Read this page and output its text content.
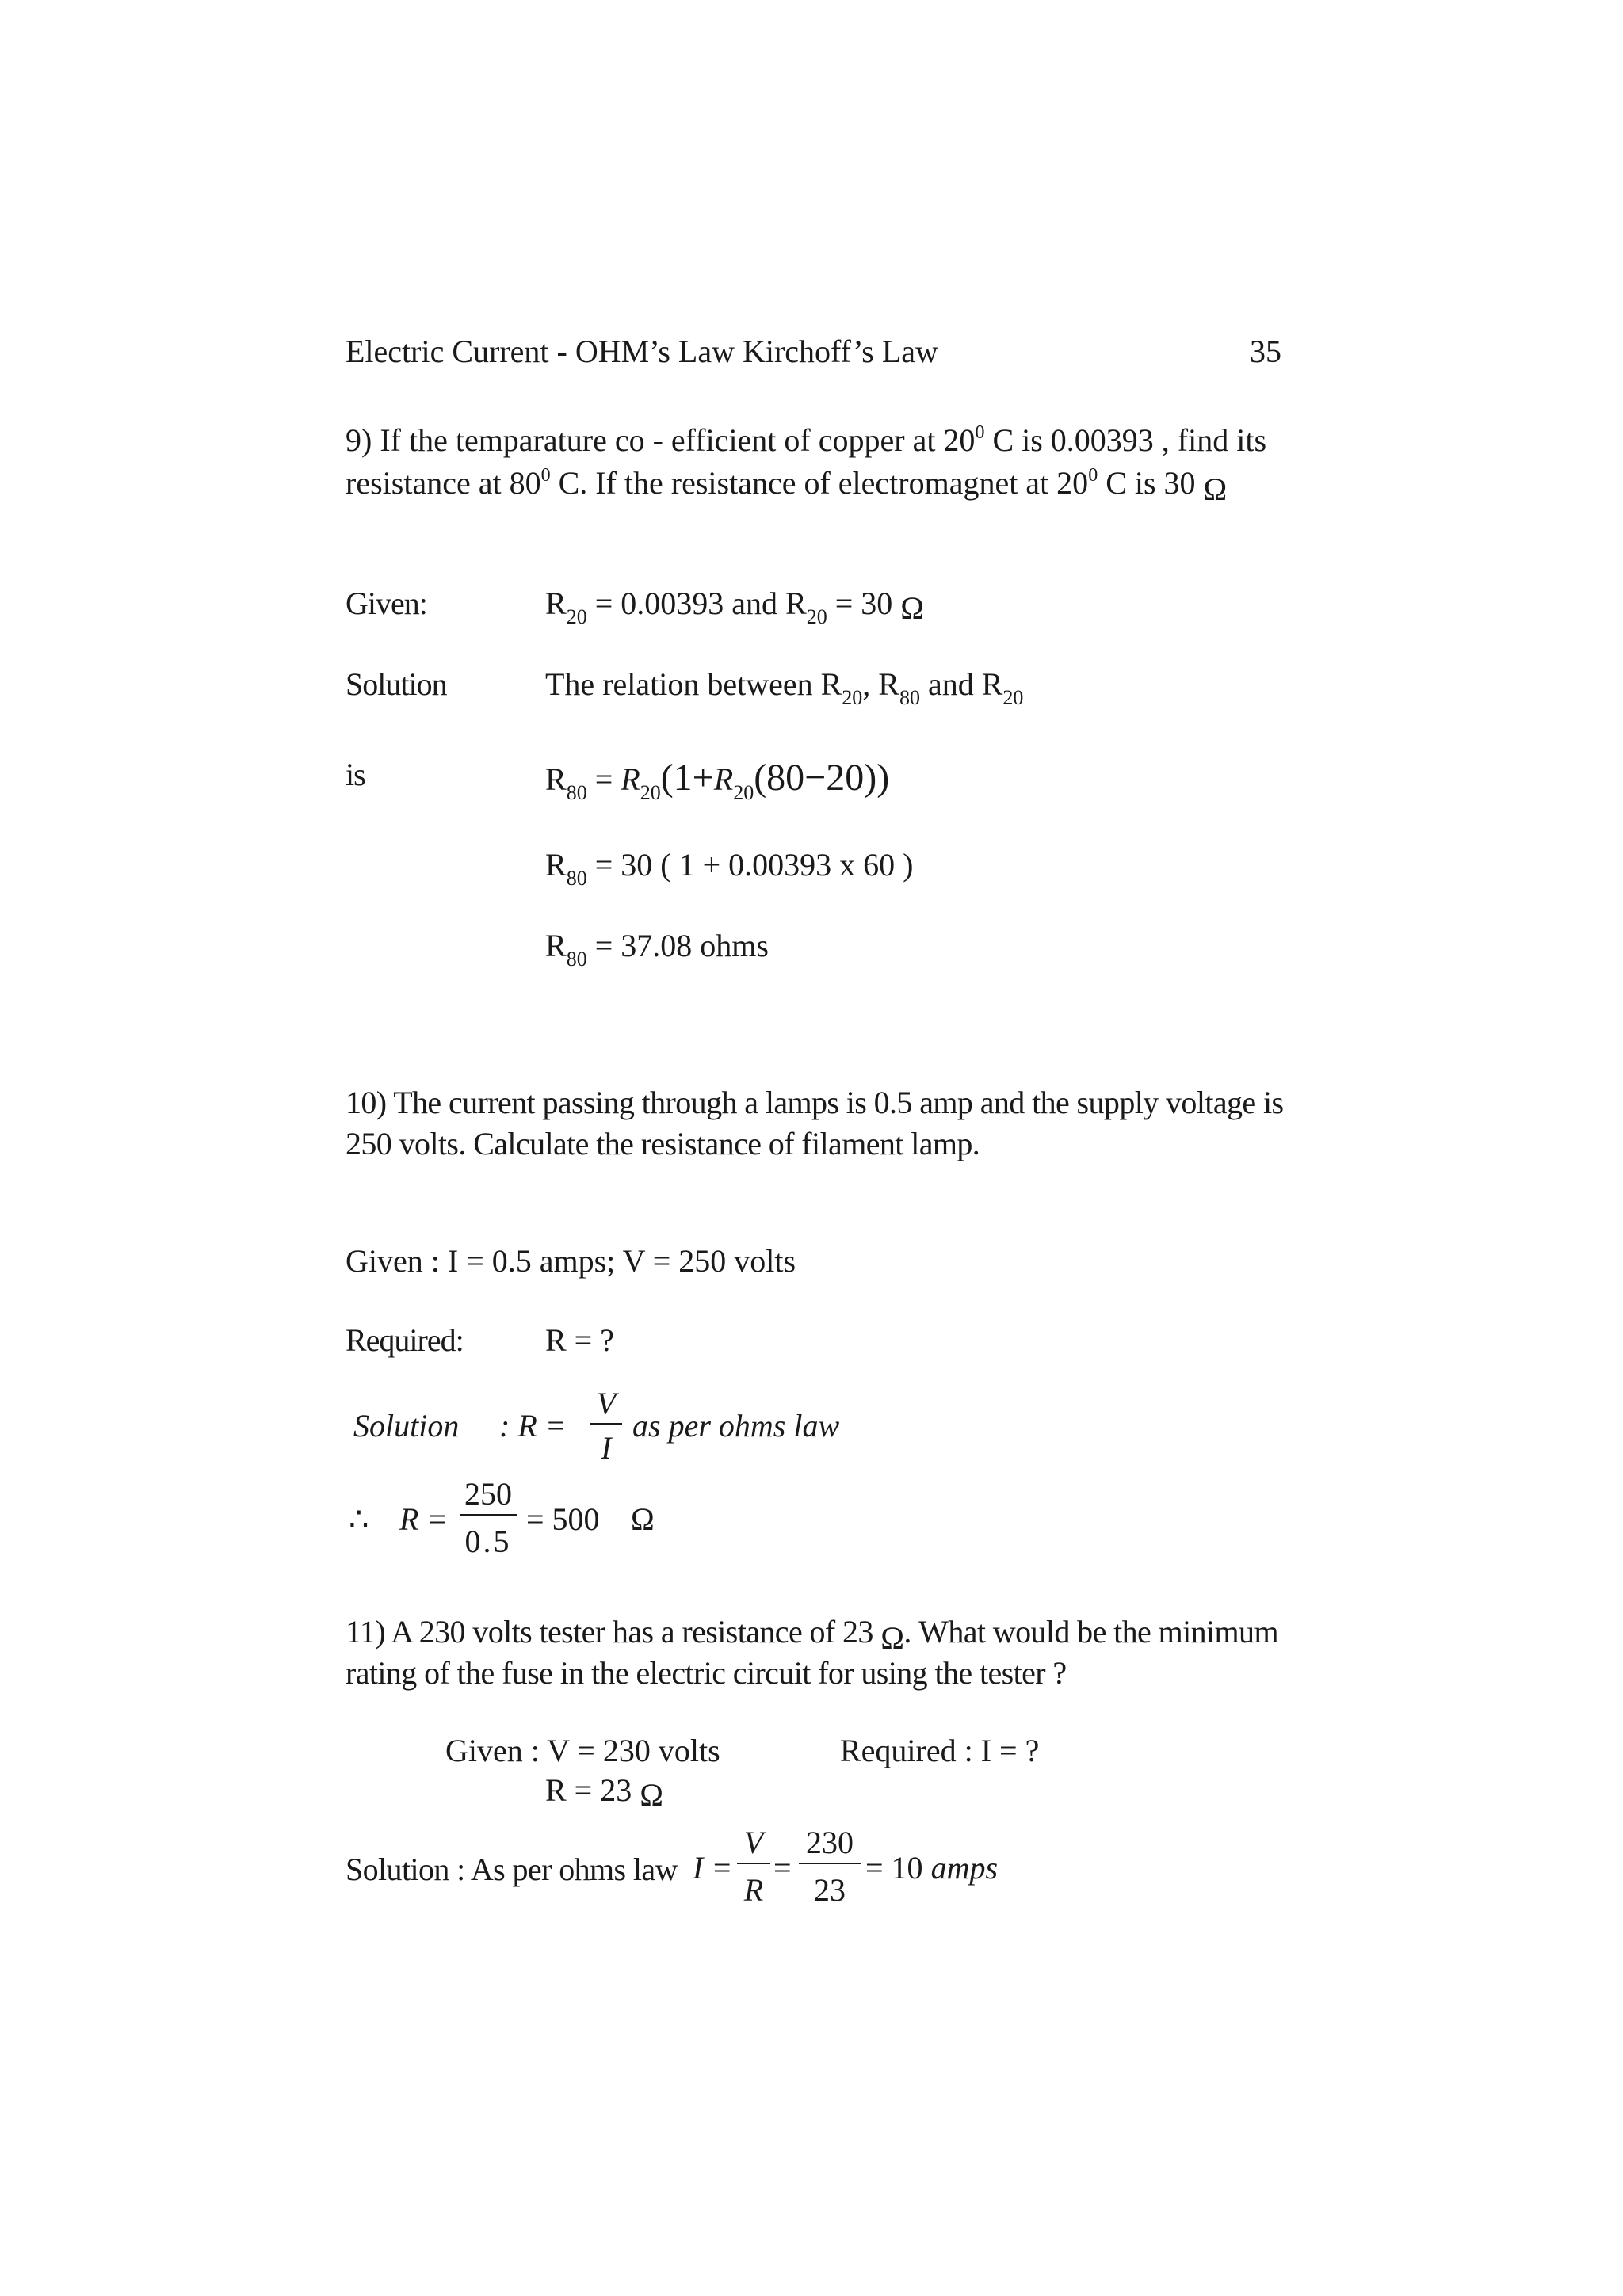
Electric Current - OHM’s Law Kirchoff’s Law	35
9) If the temparature co - efficient of copper at $20^0$ C is 0.00393 , find its
resistance at $80^0$ C. If the resistance of electromagnet at $20^0$ C is 30 Ω
Given:	$R_{20} = 0.00393$ and $R_{20} = 30$ Ω
Solution	The relation between $R_{20}$, $R_{80}$ and $R_{20}$
is	$R_{80} = R_{20}(1+R_{20}(80-20))$
$R_{80} = 30$ ( 1 + 0.00393 x 60 )
$R_{80} = 37.08$ ohms
10) The current passing through a lamps is 0.5 amp and the supply voltage is
250 volts. Calculate the resistance of filament lamp.
Given : I = 0.5 amps; V = 250 volts
Required:	R = ?
Solution : R =
V
I
as per ohms law
∴ R =
250
0.5
= 500 Ω
11) A 230 volts tester has a resistance of 23 Ω. What would be the minimum
rating of the fuse in the electric circuit for using the tester ?
Given : V = 230 volts	Required : I = ?
R = 23 Ω
Solution : As per ohms law I =
V
R
=
230
23
= 10 amps
